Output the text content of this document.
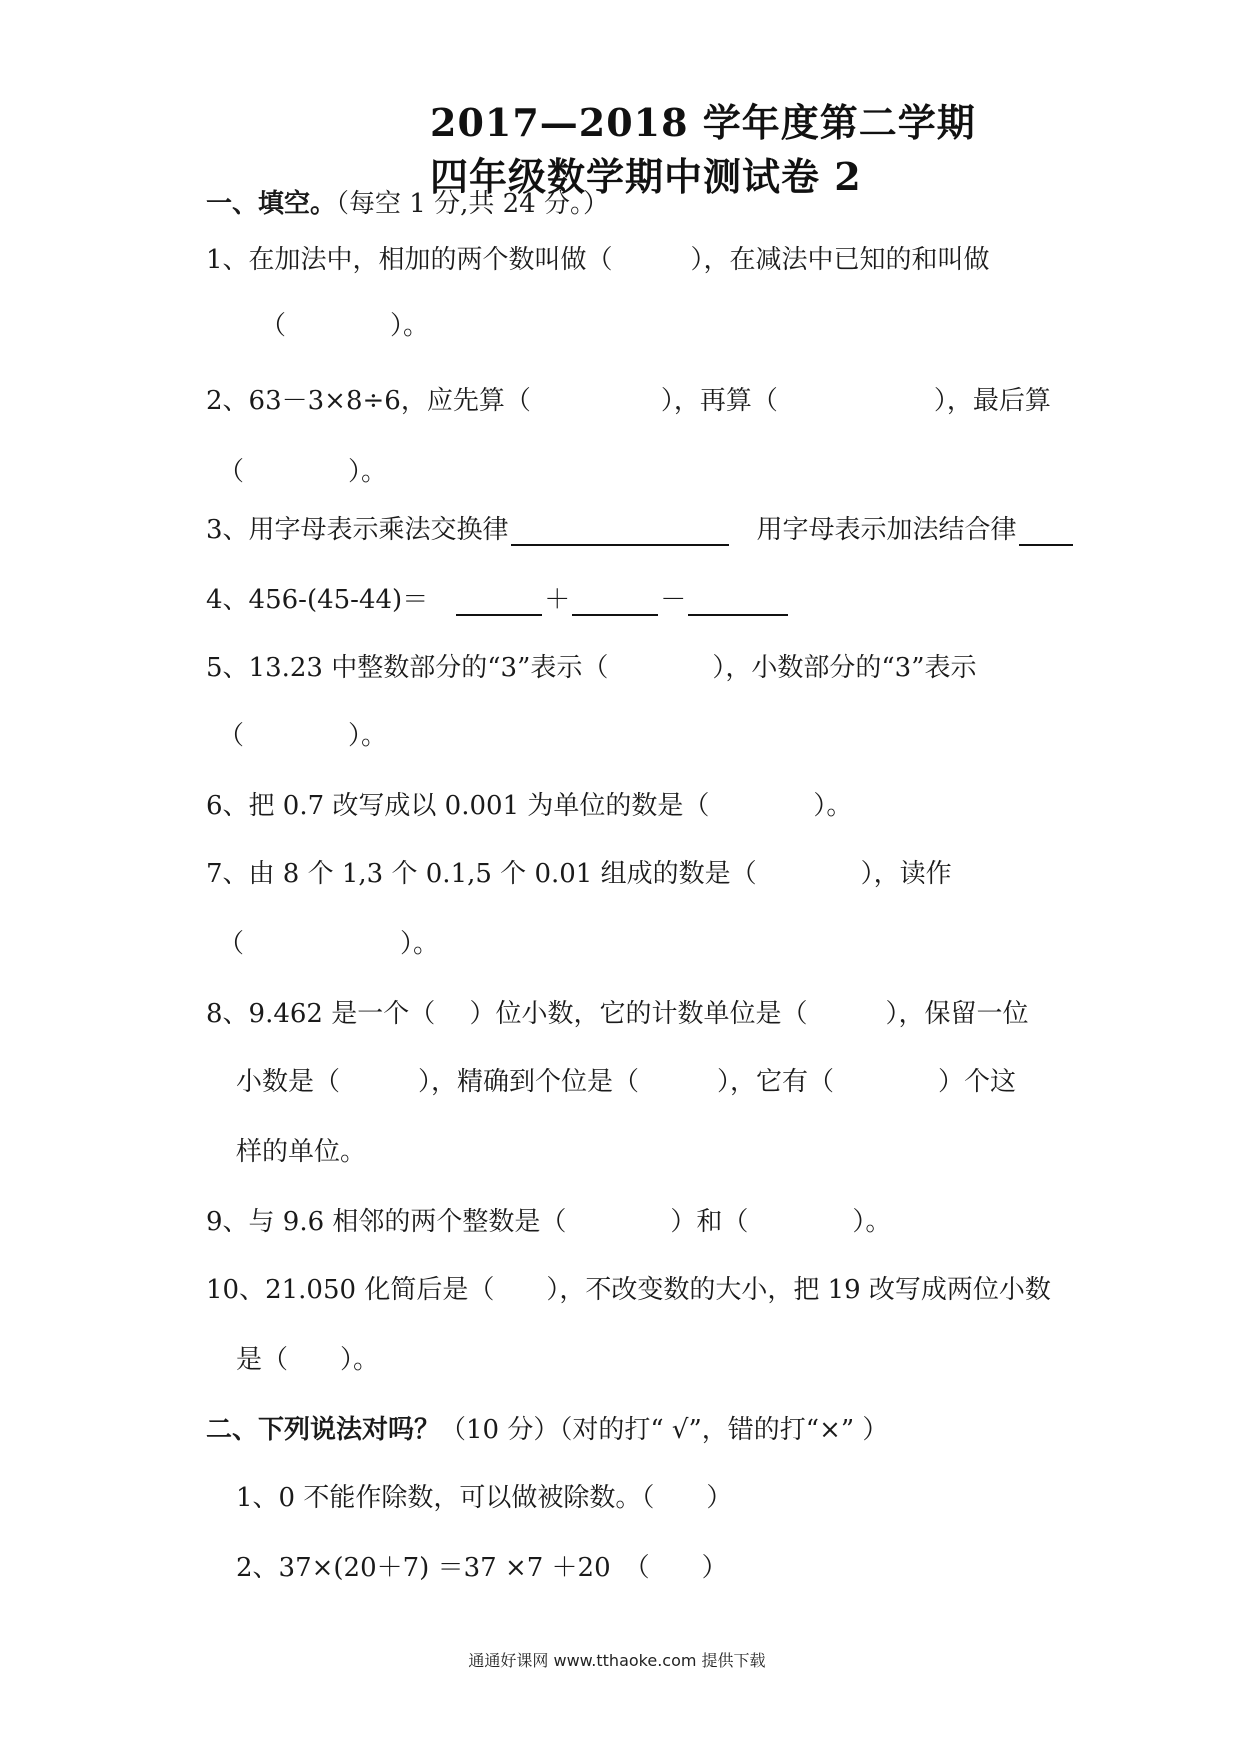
2017—2018 学年度第二学期
四年级数学期中测试卷 2
一、填空。（每空 1 分,共 24 分。）
1、在加法中，相加的两个数叫做（　　　），在减法中已知的和叫做
（　　　　）。
2、63－3×8÷6，应先算（　　　　　），再算（　　　　　　），最后算
（　　　　）。
3、用字母表示乘法交换律	用字母表示加法结合律
4、456-(45-44)＝	＋	－
5、13.23 中整数部分的“3”表示（　　　　），小数部分的“3”表示
（　　　　）。
6、把 0.7 改写成以 0.001 为单位的数是（　　　　）。
7、由 8 个 1,3 个 0.1,5 个 0.01 组成的数是（　　　　），读作
（　　　　　　）。
8、9.462 是一个（　 ）位小数，它的计数单位是（　　　），保留一位
小数是（　　　），精确到个位是（　　　），它有（　　　　）个这
样的单位。
9、与 9.6 相邻的两个整数是（　　　　）和（　　　　）。
10、21.050 化简后是（　　），不改变数的大小，把 19 改写成两位小数
是（　　）。
二、下列说法对吗？（10 分）（对的打“ √”，错的打“×” ）
1、0 不能作除数，可以做被除数。（　　）
2、37×(20＋7) ＝37 ×7 ＋20　（　　）
通通好课网 www.tthaoke.com 提供下载
